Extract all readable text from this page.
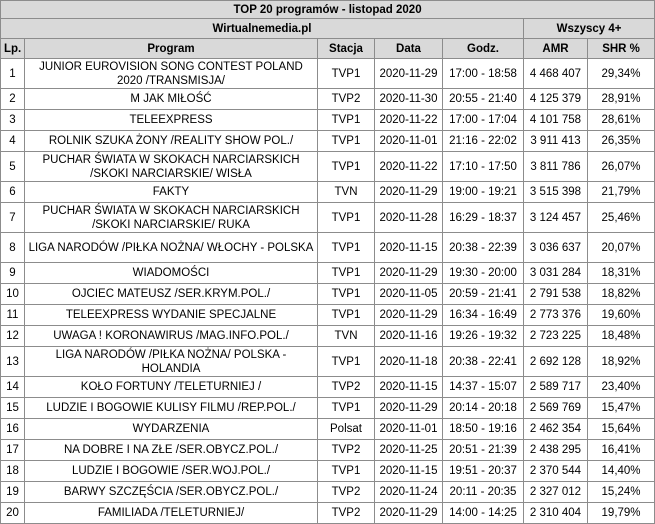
TOP 20 programów - listopad 2020						
Wirtualnemedia.pl					Wszyscy 4+	
Lp.	Program	Stacja	Data	Godz.	AMR	SHR %
1	JUNIOR EUROVISION SONG CONTEST POLAND 2020 /TRANSMISJA/	TVP1	2020-11-29	17:00 - 18:58	4 468 407	29,34%
2	M JAK MIŁOŚĆ	TVP2	2020-11-30	20:55 - 21:40	4 125 379	28,91%
3	TELEEXPRESS	TVP1	2020-11-22	17:00 - 17:04	4 101 758	28,61%
4	ROLNIK SZUKA ŻONY /REALITY SHOW POL./	TVP1	2020-11-01	21:16 - 22:02	3 911 413	26,35%
5	PUCHAR ŚWIATA W SKOKACH NARCIARSKICH /SKOKI NARCIARSKIE/ WISŁA	TVP1	2020-11-22	17:10 - 17:50	3 811 786	26,07%
6	FAKTY	TVN	2020-11-29	19:00 - 19:21	3 515 398	21,79%
7	PUCHAR ŚWIATA W SKOKACH NARCIARSKICH /SKOKI NARCIARSKIE/ RUKA	TVP1	2020-11-28	16:29 - 18:37	3 124 457	25,46%
8	LIGA NARODÓW /PIŁKA NOŻNA/ WŁOCHY - POLSKA	TVP1	2020-11-15	20:38 - 22:39	3 036 637	20,07%
9	WIADOMOŚCI	TVP1	2020-11-29	19:30 - 20:00	3 031 284	18,31%
10	OJCIEC MATEUSZ /SER.KRYM.POL./	TVP1	2020-11-05	20:59 - 21:41	2 791 538	18,82%
11	TELEEXPRESS WYDANIE SPECJALNE	TVP1	2020-11-29	16:34 - 16:49	2 773 376	19,60%
12	UWAGA ! KORONAWIRUS /MAG.INFO.POL./	TVN	2020-11-16	19:26 - 19:32	2 723 225	18,48%
13	LIGA NARODÓW /PIŁKA NOŻNA/ POLSKA - HOLANDIA	TVP1	2020-11-18	20:38 - 22:41	2 692 128	18,92%
14	KOŁO FORTUNY /TELETURNIEJ /	TVP2	2020-11-15	14:37 - 15:07	2 589 717	23,40%
15	LUDZIE I BOGOWIE KULISY FILMU /REP.POL./	TVP1	2020-11-29	20:14 - 20:18	2 569 769	15,47%
16	WYDARZENIA	Polsat	2020-11-01	18:50 - 19:16	2 462 354	15,64%
17	NA DOBRE I NA ZŁE /SER.OBYCZ.POL./	TVP2	2020-11-25	20:51 - 21:39	2 438 295	16,41%
18	LUDZIE I BOGOWIE /SER.WOJ.POL./	TVP1	2020-11-15	19:51 - 20:37	2 370 544	14,40%
19	BARWY SZCZĘŚCIA /SER.OBYCZ.POL./	TVP2	2020-11-24	20:11 - 20:35	2 327 012	15,24%
20	FAMILIADA /TELETURNIEJ/	TVP2	2020-11-29	14:00 - 14:25	2 310 404	19,79%
